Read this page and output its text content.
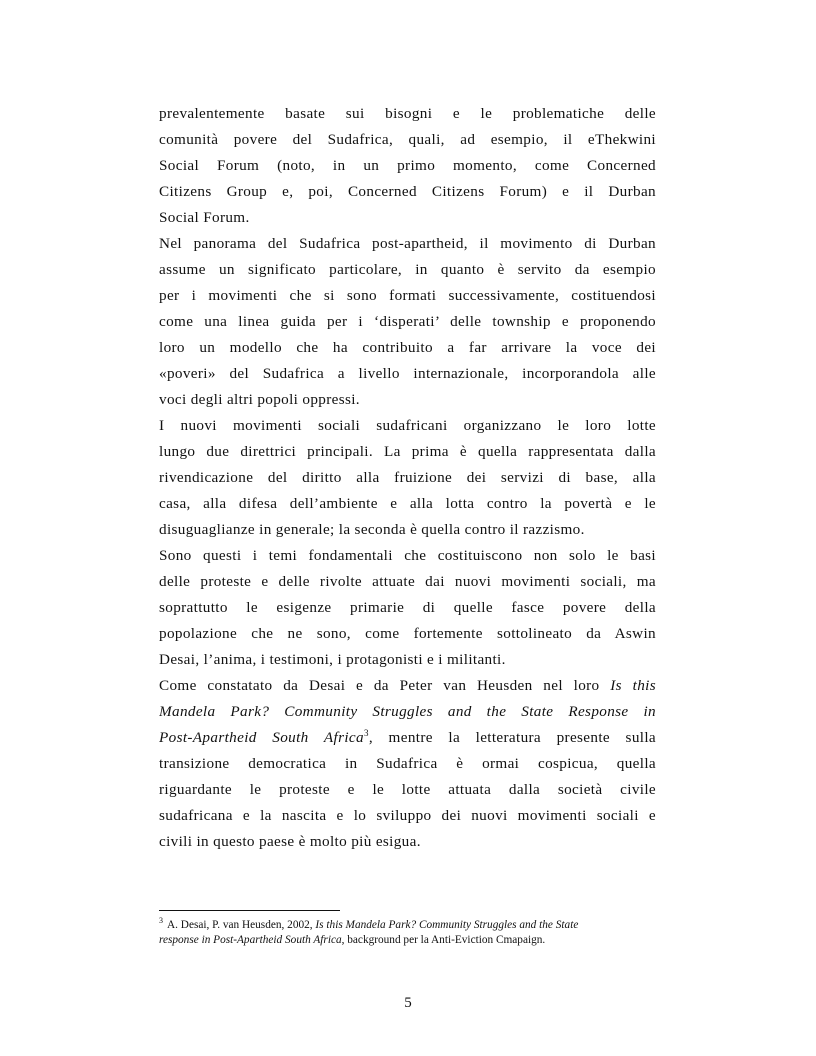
prevalentemente basate sui bisogni e le problematiche delle
comunità povere del Sudafrica, quali, ad esempio, il eThekwini
Social Forum (noto, in un primo momento, come Concerned
Citizens Group e, poi, Concerned Citizens Forum) e il Durban
Social Forum.
Nel panorama del Sudafrica post-apartheid, il movimento di Durban
assume un significato particolare, in quanto è servito da esempio
per i movimenti che si sono formati successivamente, costituendosi
come una linea guida per i ‘disperati’ delle township e proponendo
loro un modello che ha contribuito a far arrivare la voce dei
«poveri» del Sudafrica a livello internazionale, incorporandola alle
voci degli altri popoli oppressi.
I nuovi movimenti sociali sudafricani organizzano le loro lotte
lungo due direttrici principali. La prima è quella rappresentata dalla
rivendicazione del diritto alla fruizione dei servizi di base, alla
casa, alla difesa dell’ambiente e alla lotta contro la povertà e le
disuguaglianze in generale; la seconda è quella contro il razzismo.
Sono questi i temi fondamentali che costituiscono non solo le basi
delle proteste e delle rivolte attuate dai nuovi movimenti sociali, ma
soprattutto le esigenze primarie di quelle fasce povere della
popolazione che ne sono, come fortemente sottolineato da Aswin
Desai, l’anima, i testimoni, i protagonisti e i militanti.
Come constatato da Desai e da Peter van Heusden nel loro Is this
Mandela Park? Community Struggles and the State Response in
Post-Apartheid South Africa$^3$, mentre la letteratura presente sulla
transizione democratica in Sudafrica è ormai cospicua, quella
riguardante le proteste e le lotte attuata dalla società civile
sudafricana e la nascita e lo sviluppo dei nuovi movimenti sociali e
civili in questo paese è molto più esigua.
$^3$ A. Desai, P. van Heusden, 2002, Is this Mandela Park? Community Struggles and the State
response in Post-Apartheid South Africa, background per la Anti-Eviction Cmapaign.
5
